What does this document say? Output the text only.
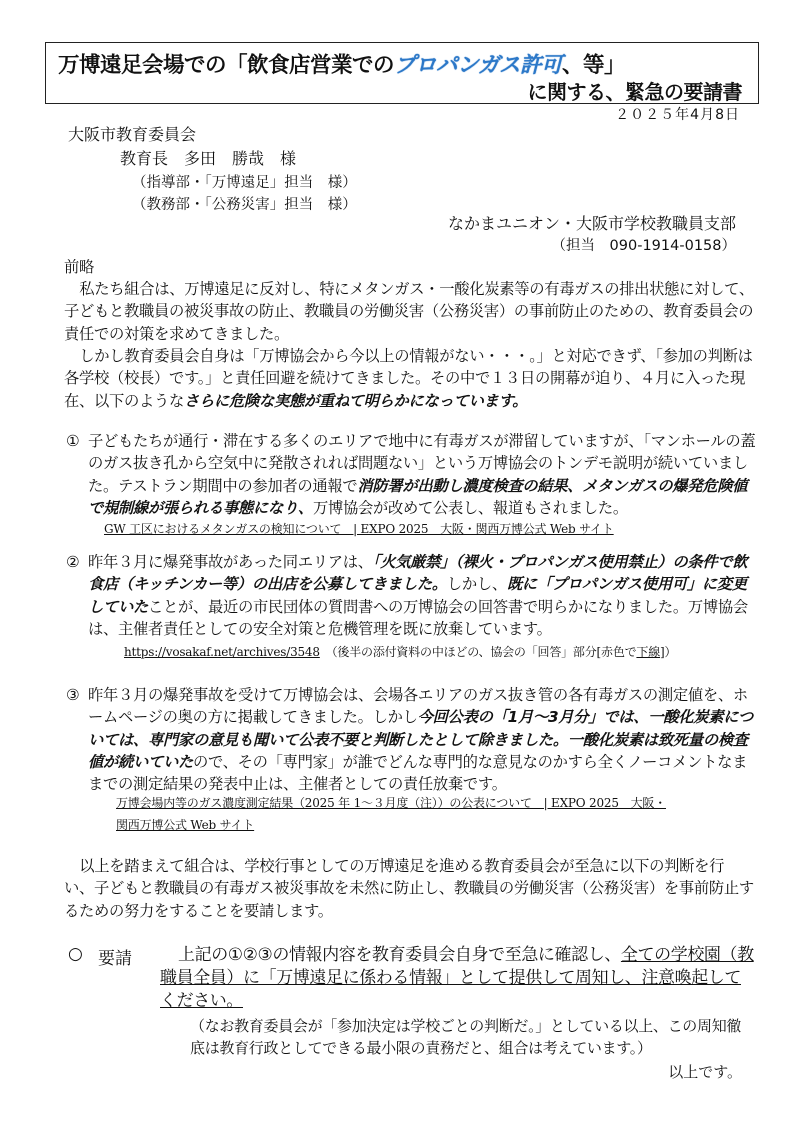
万博遠足会場での「飲食店営業でのプロパンガス許可、等」
に関する、緊急の要請書
２０２５年4月8日
大阪市教育委員会
教育長　多田　勝哉　様
（指導部・「万博遠足」担当　様）
（教務部・「公務災害」担当　様）
なかまユニオン・大阪市学校教職員支部
（担当　090-1914-0158）
前略
私たち組合は、万博遠足に反対し、特にメタンガス・一酸化炭素等の有毒ガスの排出状態に対して、子どもと教職員の被災事故の防止、教職員の労働災害（公務災害）の事前防止のための、教育委員会の責任での対策を求めてきました。
しかし教育委員会自身は「万博協会から今以上の情報がない・・・。」と対応できず、「参加の判断は各学校（校長）です。」と責任回避を続けてきました。その中で１３日の開幕が迫り、４月に入った現在、以下のようなさらに危険な実態が重ねて明らかになっています。
① 子どもたちが通行・滞在する多くのエリアで地中に有毒ガスが滞留していますが、「マンホールの蓋のガス抜き孔から空気中に発散されれば問題ない」という万博協会のトンデモ説明が続いていました。テストラン期間中の参加者の通報で消防署が出動し濃度検査の結果、メタンガスの爆発危険値で規制線が張られる事態になり、万博協会が改めて公表し、報道もされました。
GW 工区におけるメタンガスの検知について　| EXPO 2025　大阪・関西万博公式 Web サイト
② 昨年３月に爆発事故があった同エリアは、「火気厳禁」（裸火・プロパンガス使用禁止）の条件で飲食店（キッチンカー等）の出店を公募してきました。しかし、既に「プロパンガス使用可」に変更していたことが、最近の市民団体の質問書への万博協会の回答書で明らかになりました。万博協会は、主催者責任としての安全対策と危機管理を既に放棄しています。
https://vosakaf.net/archives/3548　（後半の添付資料の中ほどの、協会の「回答」部分[赤色で下線]）
③ 昨年３月の爆発事故を受けて万博協会は、会場各エリアのガス抜き管の各有毒ガスの測定値を、ホームページの奥の方に掲載してきました。しかし今回公表の「1月～3月分」では、一酸化炭素については、専門家の意見も聞いて公表不要と判断したとして除きました。一酸化炭素は致死量の検査値が続いていたので、その「専門家」が誰でどんな専門的な意見なのかすら全くノーコメントなままでの測定結果の発表中止は、主催者としての責任放棄です。
万博会場内等のガス濃度測定結果（2025 年 1～３月度（注））の公表について　| EXPO 2025　大阪・
関西万博公式 Web サイト
以上を踏まえて組合は、学校行事としての万博遠足を進める教育委員会が至急に以下の判断を行い、子どもと教職員の有毒ガス被災事故を未然に防止し、教職員の労働災害（公務災害）を事前防止するための努力をすることを要請します。
○ 要請	上記の①②③の情報内容を教育委員会自身で至急に確認し、全ての学校園（教職員全員）に「万博遠足に係わる情報」として提供して周知し、注意喚起してください。
（なお教育委員会が「参加決定は学校ごとの判断だ。」としている以上、この周知徹底は教育行政としてできる最小限の責務だと、組合は考えています。）
以上です。
